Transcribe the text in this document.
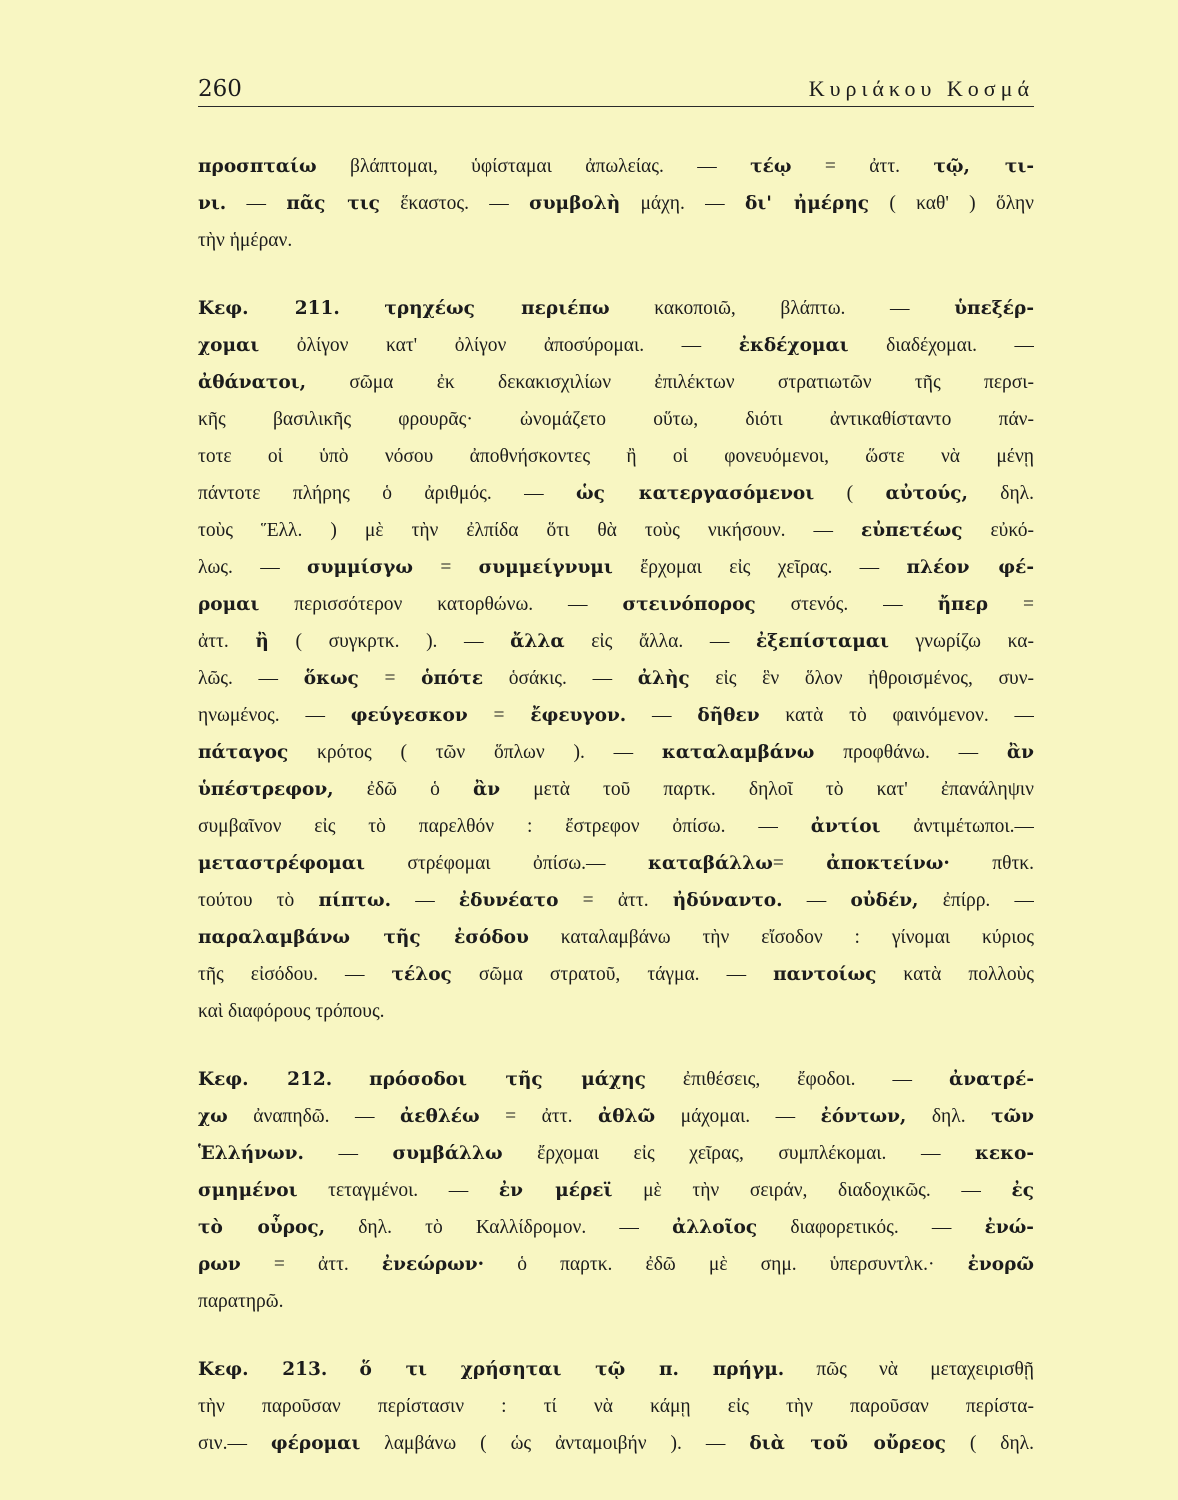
260	Κυριάκου Κοσμά
προσπταίω βλάπτομαι, ὑφίσταμαι ἀπωλείας. — τέῳ = ἀττ. τῷ, τι-
νι. — πᾶς τις ἕκαστος. — συμβολὴ μάχη. — δι' ἠμέρης ( καθ' ) ὅλην
τὴν ἡμέραν.
Κεφ. 211. τρηχέως περιέπω κακοποιῶ, βλάπτω. — ὑπεξέρ-
χομαι ὀλίγον κατ' ὀλίγον ἀποσύρομαι. — ἐκδέχομαι διαδέχομαι. —
ἀθάνατοι, σῶμα ἐκ δεκακισχιλίων ἐπιλέκτων στρατιωτῶν τῆς περσι-
κῆς βασιλικῆς φρουρᾶς· ὠνομάζετο οὕτω, διότι ἀντικαθίσταντο πάν-
τοτε οἱ ὑπὸ νόσου ἀποθνήσκοντες ἢ οἱ φονευόμενοι, ὥστε νὰ μένῃ
πάντοτε πλήρης ὁ ἀριθμός. — ὡς κατεργασόμενοι ( αὐτούς, δηλ.
τοὺς Ἕλλ. ) μὲ τὴν ἐλπίδα ὅτι θὰ τοὺς νικήσουν. — εὐπετέως εὐκό-
λως. — συμμίσγω = συμμείγνυμι ἔρχομαι εἰς χεῖρας. — πλέον φέ-
ρομαι περισσότερον κατορθώνω. — στεινόπορος στενός. — ἤπερ =
ἀττ. ἢ ( συγκρτκ. ). — ἄλλα εἰς ἄλλα. — ἐξεπίσταμαι γνωρίζω κα-
λῶς. — ὅκως = ὁπότε ὁσάκις. — ἀλὴς εἰς ἓν ὅλον ἠθροισμένος, συν-
ηνωμένος. — φεύγεσκον = ἔφευγον. — δῆθεν κατὰ τὸ φαινόμενον. —
πάταγος κρότος ( τῶν ὅπλων ). — καταλαμβάνω προφθάνω. — ἂν
ὑπέστρεφον, ἐδῶ ὁ ἂν μετὰ τοῦ παρτκ. δηλοῖ τὸ κατ' ἐπανάληψιν
συμβαῖνον εἰς τὸ παρελθόν : ἔστρεφον ὀπίσω. — ἀντίοι ἀντιμέτωποι.—
μεταστρέφομαι στρέφομαι ὀπίσω.— καταβάλλω= ἀποκτείνω· πθτκ.
τούτου τὸ πίπτω. — ἐδυνέατο = ἀττ. ἠδύναντο. — οὐδέν, ἐπίρρ. —
παραλαμβάνω τῆς ἐσόδου καταλαμβάνω τὴν εἴσοδον : γίνομαι κύριος
τῆς εἰσόδου. — τέλος σῶμα στρατοῦ, τάγμα. — παντοίως κατὰ πολλοὺς
καὶ διαφόρους τρόπους.
Κεφ. 212. πρόσοδοι τῆς μάχης ἐπιθέσεις, ἔφοδοι. — ἀνατρέ-
χω ἀναπηδῶ. — ἀεθλέω = ἀττ. ἀθλῶ μάχομαι. — ἐόντων, δηλ. τῶν
Ἑλλήνων. — συμβάλλω ἔρχομαι εἰς χεῖρας, συμπλέκομαι. — κεκο-
σμημένοι τεταγμένοι. — ἐν μέρεϊ μὲ τὴν σειράν, διαδοχικῶς. — ἐς
τὸ οὖρος, δηλ. τὸ Καλλίδρομον. — ἀλλοῖος διαφορετικός. — ἐνώ-
ρων = ἀττ. ἐνεώρων· ὁ παρτκ. ἐδῶ μὲ σημ. ὑπερσυντλκ.· ἐνορῶ
παρατηρῶ.
Κεφ. 213. ὅ τι χρήσηται τῷ π. πρήγμ. πῶς νὰ μεταχειρισθῇ
τὴν παροῦσαν περίστασιν : τί νὰ κάμῃ εἰς τὴν παροῦσαν περίστα-
σιν.— φέρομαι λαμβάνω ( ὡς ἀνταμοιβήν ). — διὰ τοῦ οὔρεος ( δηλ.
